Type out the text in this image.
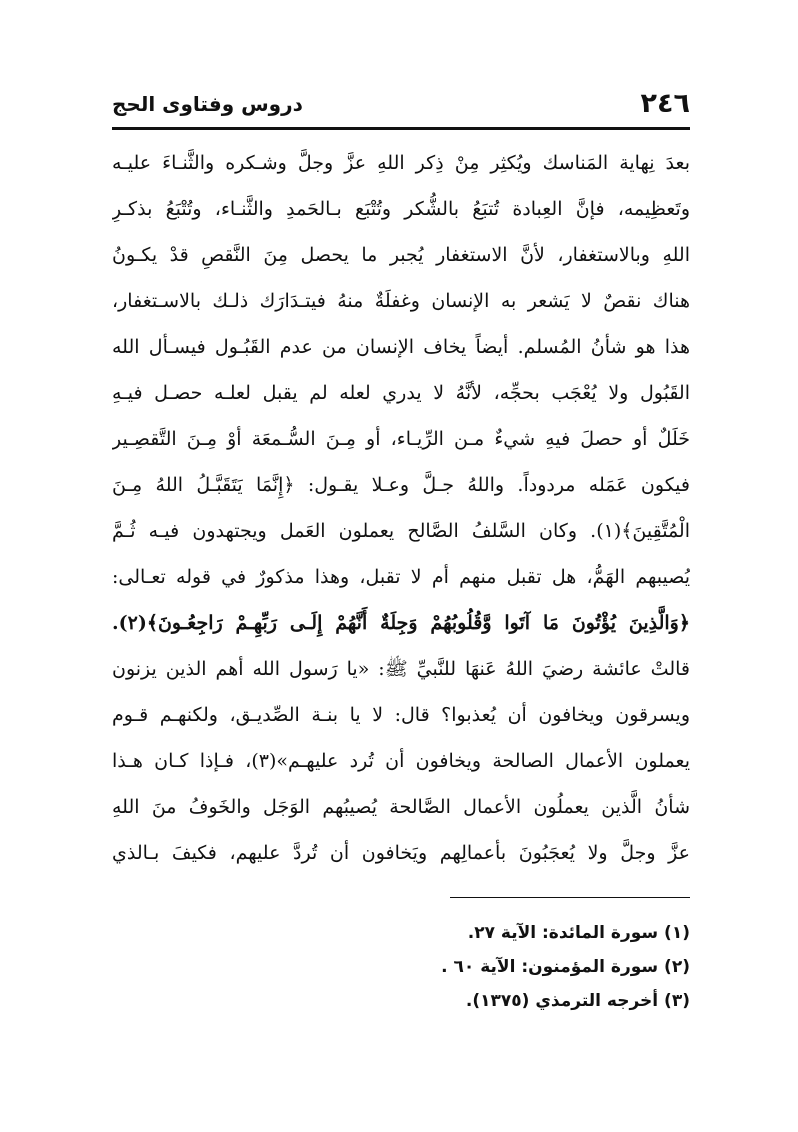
٢٤٦
دروس وفتاوى الحج
بعدَ نِهاية المَناسك ويُكثِر مِنْ ذِكر اللهِ عزَّ وجلَّ وشـكره والثَّنـاءَ عليـه
وتَعظِيمه، فإنَّ العِبادة تُتبَعُ بالشُّكر وتُتْبَع بـالحَمدِ والثَّنـاء، وتُتْبَعُ بذكـرِ
اللهِ وبالاستغفار، لأنَّ الاستغفار يُجبر ما يحصل مِنَ النَّقصِ قدْ يكـونُ
هناك نقصٌ لا يَشعر به الإنسان وغفلَةٌ منهُ فيتـدَارَك ذلـك بالاسـتغفار،
هذا هو شأنُ المُسلم. أيضاً يخاف الإنسان من عدم القَبُـول فيسـأل الله
القَبُول ولا يُعْجَب بحجِّه، لأنَّهُ لا يدري لعله لم يقبل لعلـه حصـل فيـهِ
خَلَلٌ أو حصلَ فيهِ شيءٌ مـن الرِّيـاء، أو مِـنَ السُّـمعَة أوْ مِـنَ التَّقصِـير
فيكون عَمَله مردوداً. واللهُ جـلَّ وعـلا يقـول: ﴿إِنَّمَا يَتَقَبَّـلُ اللهُ مِـنَ
الْمُتَّقِينَ﴾(١). وكان السَّلفُ الصَّالح يعملون العَمل ويجتهدون فيـه ثُـمَّ
يُصيبهم الهَمُّ، هل تقبل منهم أم لا تقبل، وهذا مذكورٌ في قوله تعـالى:
﴿وَالَّذِينَ يُؤْتُونَ مَا آتَوا وَّقُلُوبُهُمْ وَجِلَةٌ أَنَّهُمْ إِلَـى رَبِّهِـمْ رَاجِعُـونَ﴾(٢).
قالتْ عائشة رضيَ اللهُ عَنهَا للنَّبيِّ ﷺ: «يا رَسول الله أهم الذين يزنون
ويسرقون ويخافون أن يُعذبوا؟ قال: لا يا بنـة الصِّديـق، ولكنهـم قـوم
يعملون الأعمال الصالحة ويخافون أن تُرد عليهـم»(٣)، فـإذا كـان هـذا
شأنُ الَّذين يعملُون الأعمال الصَّالحة يُصيبُهم الوَجَل والخَوفُ منَ اللهِ
عزَّ وجلَّ ولا يُعجَبُونَ بأعمالِهم ويَخافون أن تُردَّ عليهم، فكيفَ بـالذي
(١) سورة المائدة: الآية ٢٧.
(٢) سورة المؤمنون: الآية ٦٠ .
(٣) أخرجه الترمذي (١٣٧٥).
